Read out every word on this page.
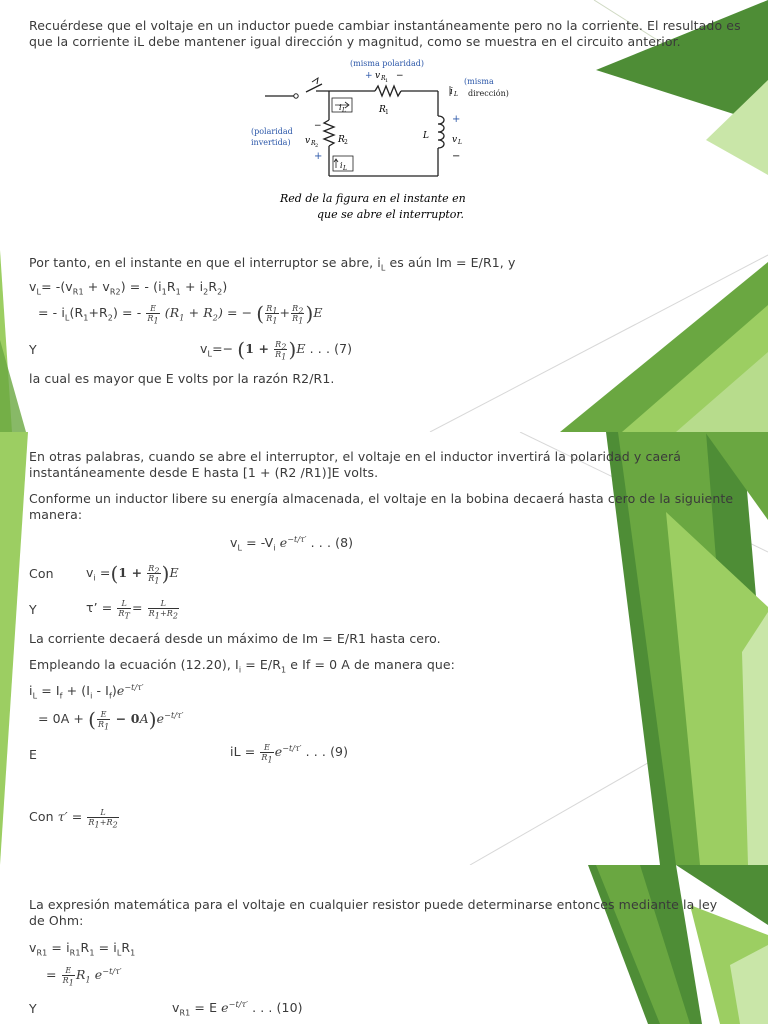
Recuérdese que el voltaje en un inductor puede cambiar instantáneamente pero no la corriente. El resultado es
que la corriente iL debe mantener igual dirección y magnitud, como se muestra en el circuito anterior.
i L
i L
(misma polaridad)
+ v R 1 −
R 1
i L
(misma
dirección)
+
L	v L
−
(polaridad
invertida)
−
v R 2
+
R 2
Red de la figura en el instante en
que se abre el interruptor.
Por tanto, en el instante en que el interruptor se abre, $i_L$ es aún Im = E/R1, y
$v_L= -(v_{R1} + v_{R2})$ = - $(i_1R_1 + i_2R_2)$
= - $i_L(R_1+R_2)$ = - $\frac{E}{R_1} (R_1 + R_2)$ = − ( $\frac{R_1}{R_1} + \frac{R_2}{R_1} )E$
Y	$v_L=- (1 + \frac{R_2}{R_1} )E$ . . . (7)
la cual es mayor que E volts por la razón R2/R1.
En otras palabras, cuando se abre el interruptor, el voltaje en el inductor invertirá la polaridad y caerá
instantáneamente desde E hasta [1 + (R2 /R1)]E volts.
Conforme un inductor libere su energía almacenada, el voltaje en la bobina decaerá hasta cero de la siguiente
manera:
$v_L = -V_i$ $e^{-t/\tau'}$ . . . (8)
Con	$v_i =(1 + \frac{R_2}{R_1} )E$
Y	τ’ = $\frac{L}{R_T} = \frac{L}{R_1+R_2}$
La corriente decaerá desde un máximo de Im = E/R1 hasta cero.
Empleando la ecuación (12.20), $I_i = E/R_1$ e If = 0 A de manera que:
$i_L = I_f + (I_i - I_f)e^{-t/\tau'}$
= 0A + ( $\frac{E}{R_1} - 0A)e^{-t/\tau'}$
E	iL = $\frac{E}{R_1} e^{-t/\tau'}$ . . . (9)
Con $\tau' = \frac{L}{R_1+R_2}$
La expresión matemática para el voltaje en cualquier resistor puede determinarse entonces mediante la ley
de Ohm:
$v_{R1} = i_{R1}R_1 = i_LR_1$
= $\frac{E}{R_1} R_1$ $e^{-t/\tau'}$
Y	$v_{R1} = E$ $e^{-t/\tau'}$ . . . (10)
